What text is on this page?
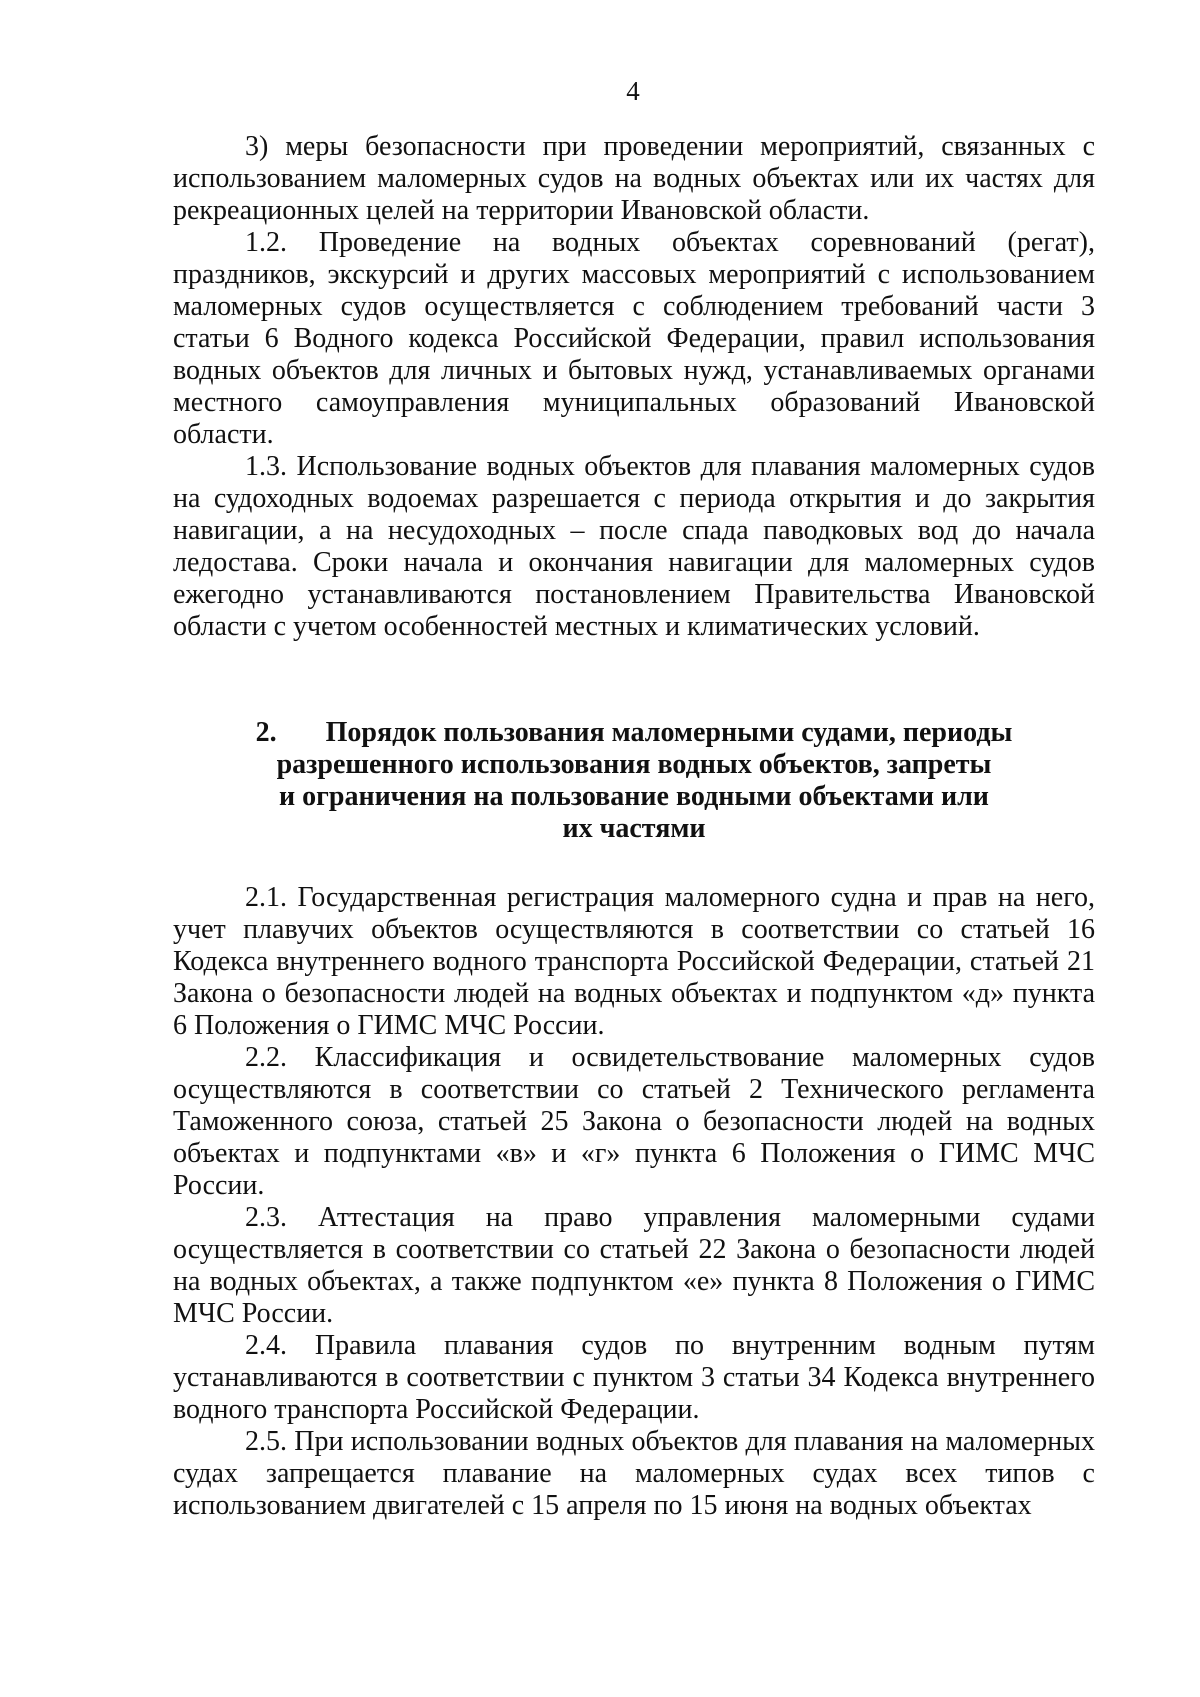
4

3) меры безопасности при проведении мероприятий, связанных с использованием маломерных судов на водных объектах или их частях для рекреационных целей на территории Ивановской области.

1.2. Проведение на водных объектах соревнований (регат), праздников, экскурсий и других массовых мероприятий с использованием маломерных судов осуществляется с соблюдением требований части 3 статьи 6 Водного кодекса Российской Федерации, правил использования водных объектов для личных и бытовых нужд, устанавливаемых органами местного самоуправления муниципальных образований Ивановской области.

1.3. Использование водных объектов для плавания маломерных судов на судоходных водоемах разрешается с периода открытия и до закрытия навигации, а на несудоходных – после спада паводковых вод до начала ледостава. Сроки начала и окончания навигации для маломерных судов ежегодно устанавливаются постановлением Правительства Ивановской области с учетом особенностей местных и климатических условий.

2. Порядок пользования маломерными судами, периоды
разрешенного использования водных объектов, запреты
и ограничения на пользование водными объектами или
их частями

2.1. Государственная регистрация маломерного судна и прав на него, учет плавучих объектов осуществляются в соответствии со статьей 16 Кодекса внутреннего водного транспорта Российской Федерации, статьей 21 Закона о безопасности людей на водных объектах и подпунктом «д» пункта 6 Положения о ГИМС МЧС России.

2.2. Классификация и освидетельствование маломерных судов осуществляются в соответствии со статьей 2 Технического регламента Таможенного союза, статьей 25 Закона о безопасности людей на водных объектах и подпунктами «в» и «г» пункта 6 Положения о ГИМС МЧС России.

2.3. Аттестация на право управления маломерными судами осуществляется в соответствии со статьей 22 Закона о безопасности людей на водных объектах, а также подпунктом «е» пункта 8 Положения о ГИМС МЧС России.

2.4. Правила плавания судов по внутренним водным путям устанавливаются в соответствии с пунктом 3 статьи 34 Кодекса внутреннего водного транспорта Российской Федерации.

2.5. При использовании водных объектов для плавания на маломерных судах запрещается плавание на маломерных судах всех типов с использованием двигателей с 15 апреля по 15 июня на водных объектах
